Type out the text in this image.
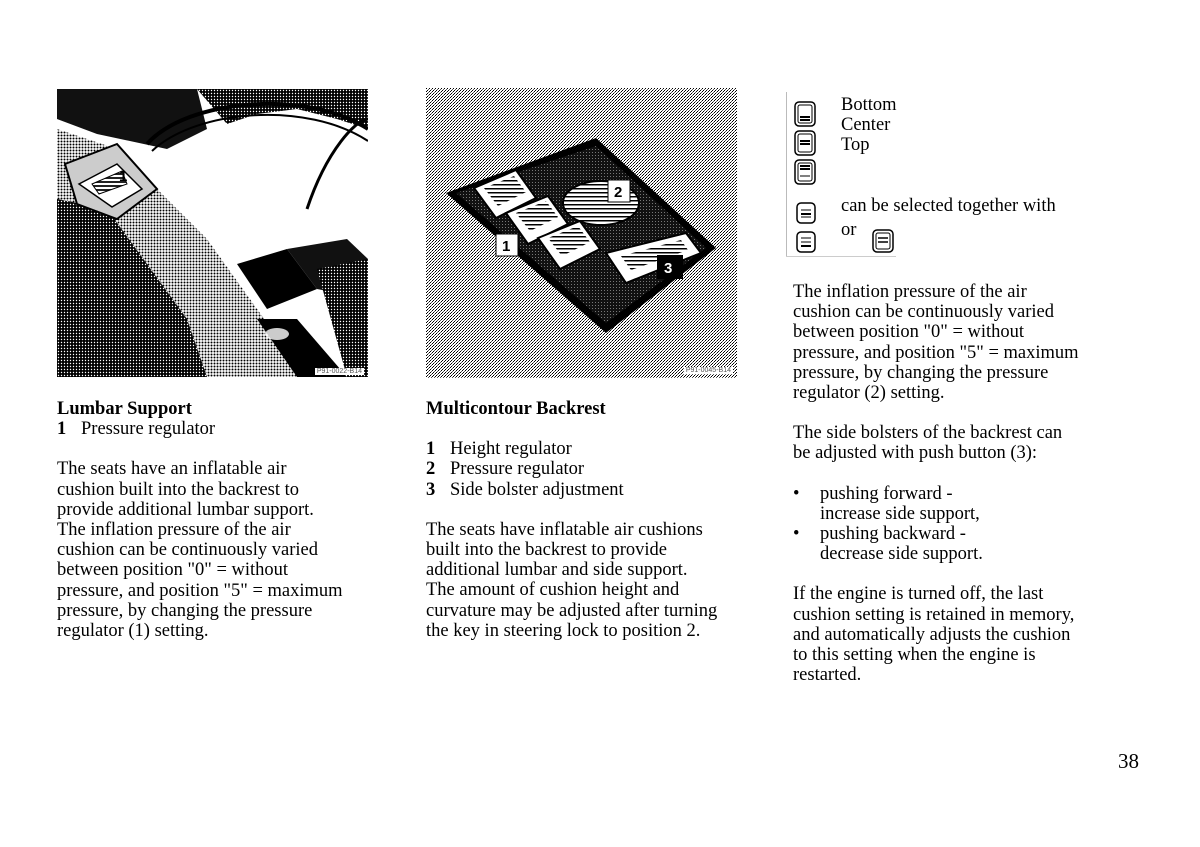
1
P91-0022-B14
1
2
3
P91-0045-B14
Lumbar Support
1 Pressure regulator
The seats have an inflatable air
cushion built into the backrest to
provide additional lumbar support.
The inflation pressure of the air
cushion can be continuously varied
between position "0" = without
pressure, and position "5" = maximum
pressure, by changing the pressure
regulator (1) setting.
Multicontour Backrest
1 Height regulator
2 Pressure regulator
3 Side bolster adjustment
The seats have inflatable air cushions
built into the backrest to provide
additional lumbar and side support.
The amount of cushion height and
curvature may be adjusted after turning
the key in steering lock to position 2.
Bottom
Center
Top
can be selected together with
or
The inflation pressure of the air
cushion can be continuously varied
between position "0" = without
pressure, and position "5" = maximum
pressure, by changing the pressure
regulator (2) setting.
The side bolsters of the backrest can
be adjusted with push button (3):
•	pushing forward -
increase side support,
•	pushing backward -
decrease side support.
If the engine is turned off, the last
cushion setting is retained in memory,
and automatically adjusts the cushion
to this setting when the engine is
restarted.
38
